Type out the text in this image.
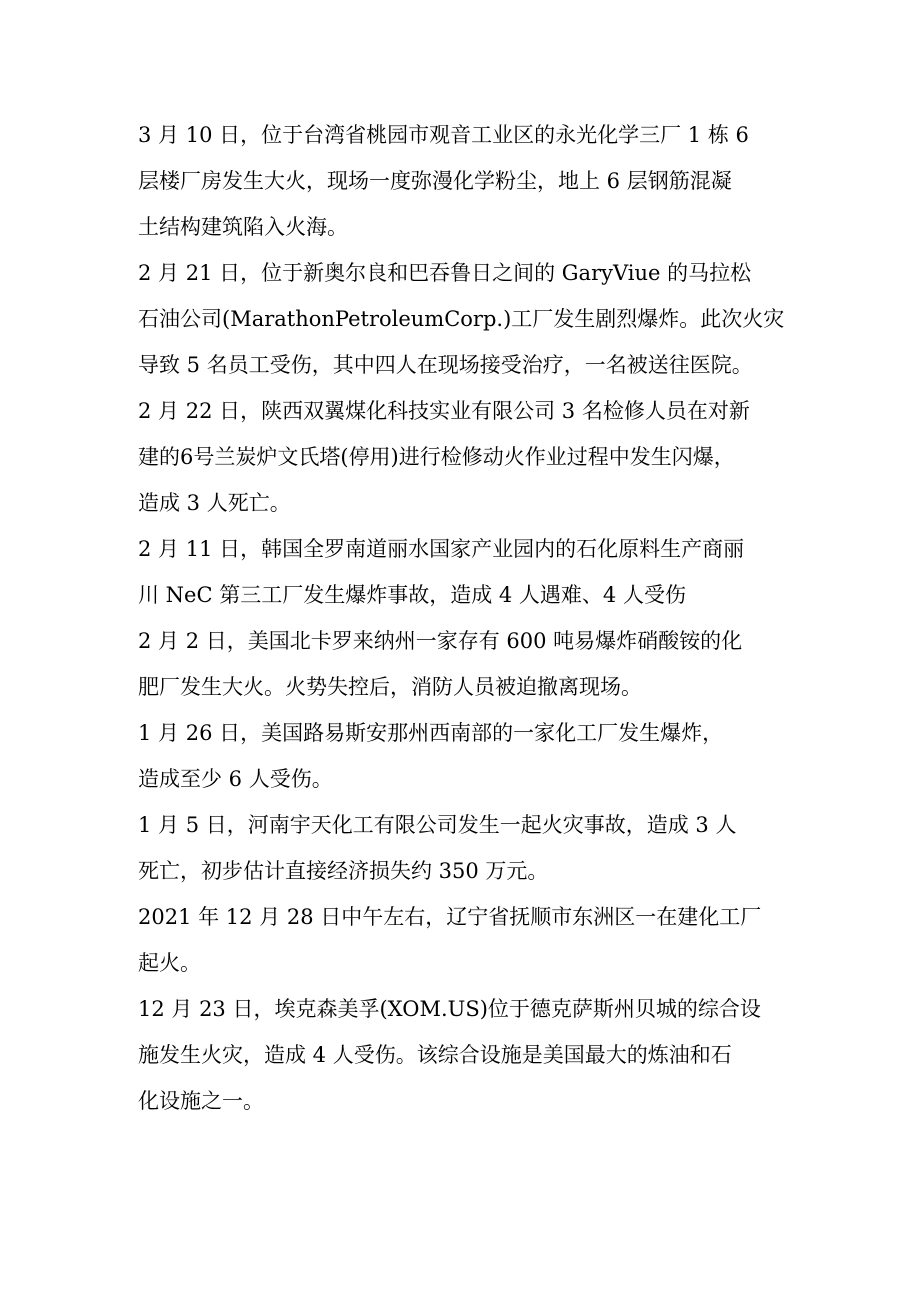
3 月 10 日，位于台湾省桃园市观音工业区的永光化学三厂 1 栋 6
层楼厂房发生大火，现场一度弥漫化学粉尘，地上 6 层钢筋混凝
土结构建筑陷入火海。

2 月 21 日，位于新奥尔良和巴吞鲁日之间的 GaryViue 的马拉松
石油公司(MarathonPetroleumCorp.)工厂发生剧烈爆炸。此次火灾
导致 5 名员工受伤，其中四人在现场接受治疗，一名被送往医院。

2 月 22 日，陕西双翼煤化科技实业有限公司 3 名检修人员在对新
建的6号兰炭炉文氏塔(停用)进行检修动火作业过程中发生闪爆，
造成 3 人死亡。

2 月 11 日，韩国全罗南道丽水国家产业园内的石化原料生产商丽
川 NeC 第三工厂发生爆炸事故，造成 4 人遇难、4 人受伤

2 月 2 日，美国北卡罗来纳州一家存有 600 吨易爆炸硝酸铵的化
肥厂发生大火。火势失控后，消防人员被迫撤离现场。

1 月 26 日，美国路易斯安那州西南部的一家化工厂发生爆炸，
造成至少 6 人受伤。

1 月 5 日，河南宇天化工有限公司发生一起火灾事故，造成 3 人
死亡，初步估计直接经济损失约 350 万元。

2021 年 12 月 28 日中午左右，辽宁省抚顺市东洲区一在建化工厂
起火。

12 月 23 日，埃克森美孚(XOM.US)位于德克萨斯州贝城的综合设
施发生火灾，造成 4 人受伤。该综合设施是美国最大的炼油和石
化设施之一。
